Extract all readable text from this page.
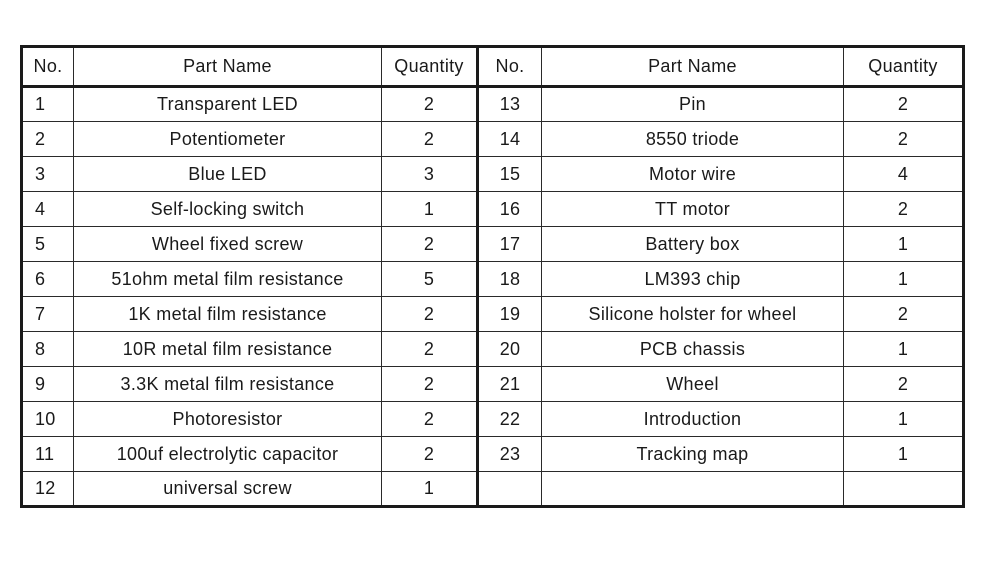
No.	Part Name	Quantity	No.	Part Name	Quantity
1	Transparent LED	2	13	Pin	2
2	Potentiometer	2	14	8550 triode	2
3	Blue LED	3	15	Motor wire	4
4	Self-locking switch	1	16	TT motor	2
5	Wheel fixed screw	2	17	Battery box	1
6	51ohm metal film resistance	5	18	LM393 chip	1
7	1K metal film resistance	2	19	Silicone holster for wheel	2
8	10R metal film resistance	2	20	PCB chassis	1
9	3.3K metal film resistance	2	21	Wheel	2
10	Photoresistor	2	22	Introduction	1
11	100uf electrolytic capacitor	2	23	Tracking map	1
12	universal screw	1			
